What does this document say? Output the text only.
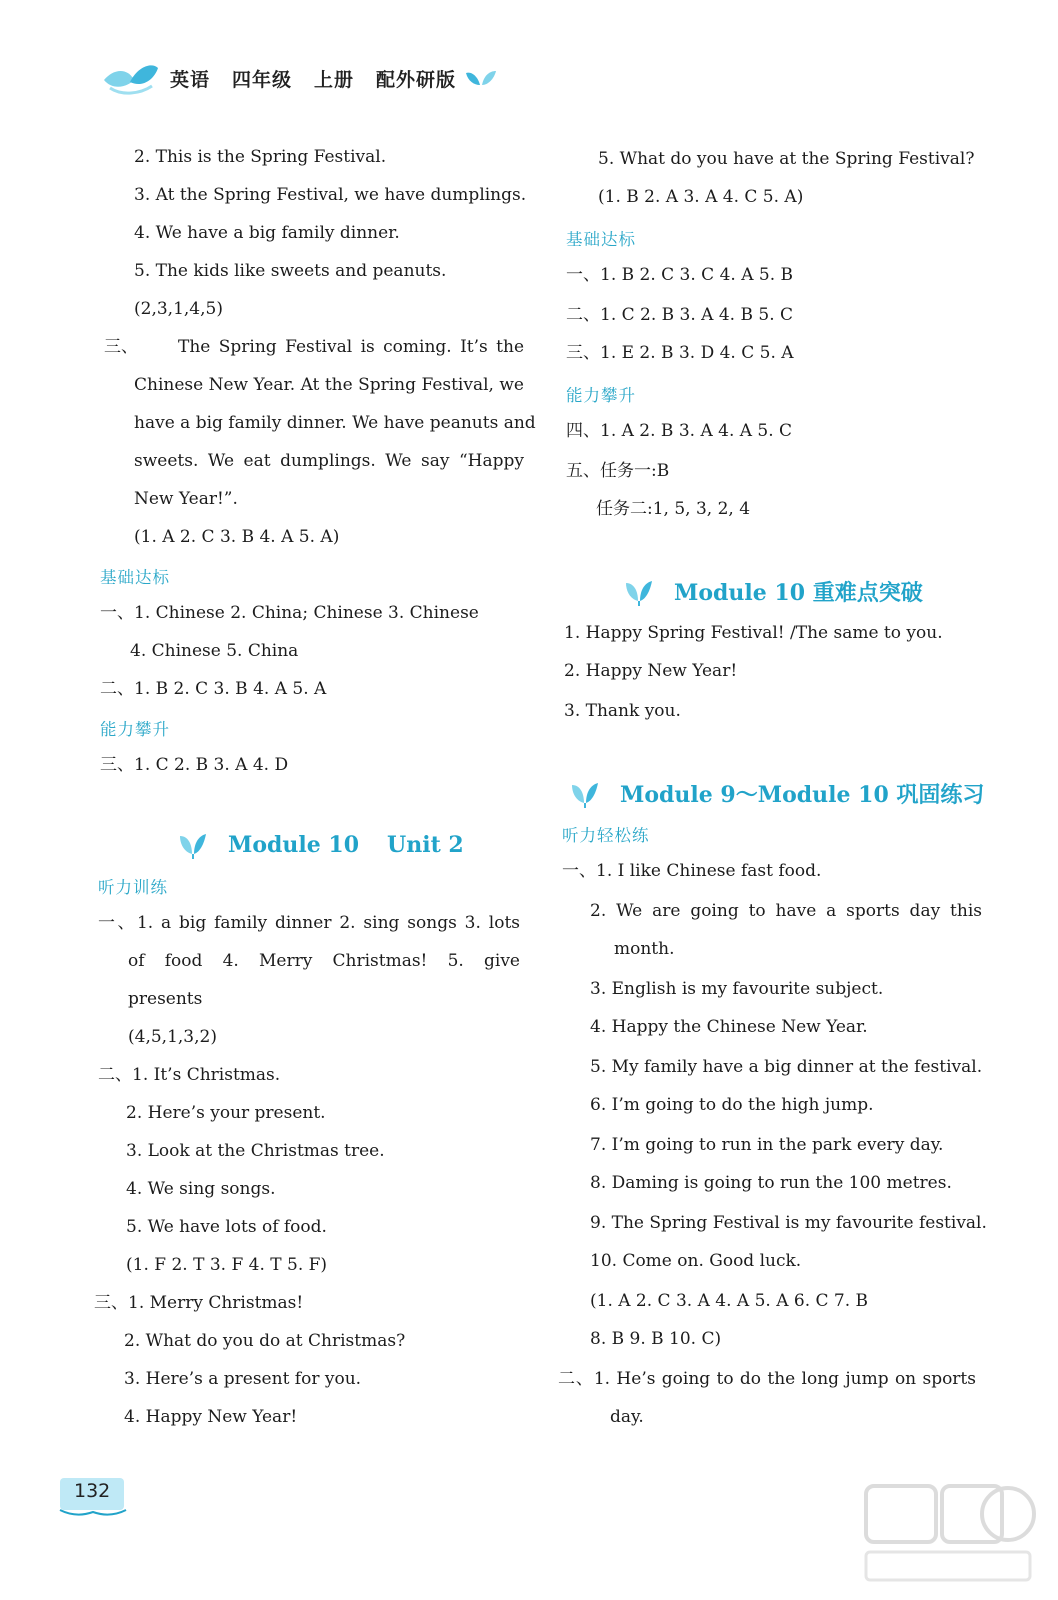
英语 四年级 上册 配外研版
2. This is the Spring Festival.
3. At the Spring Festival, we have dumplings.
4. We have a big family dinner.
5. The kids like sweets and peanuts.
(2,3,1,4,5)
三、 The Spring Festival is coming. It’s the
Chinese New Year. At the Spring Festival, we
have a big family dinner. We have peanuts and
sweets. We eat dumplings. We say “Happy
New Year!”.
(1. A 2. C 3. B 4. A 5. A)
基础达标
一、1. Chinese 2. China; Chinese 3. Chinese
4. Chinese 5. China
二、1. B 2. C 3. B 4. A 5. A
能力攀升
三、1. C 2. B 3. A 4. D
Module 10 Unit 2
听力训练
一、1. a big family dinner 2. sing songs 3. lots
of food 4. Merry Christmas! 5. give
presents
(4,5,1,3,2)
二、1. It’s Christmas.
2. Here’s your present.
3. Look at the Christmas tree.
4. We sing songs.
5. We have lots of food.
(1. F 2. T 3. F 4. T 5. F)
三、1. Merry Christmas!
2. What do you do at Christmas?
3. Here’s a present for you.
4. Happy New Year!
5. What do you have at the Spring Festival?
(1. B 2. A 3. A 4. C 5. A)
基础达标
一、1. B 2. C 3. C 4. A 5. B
二、1. C 2. B 3. A 4. B 5. C
三、1. E 2. B 3. D 4. C 5. A
能力攀升
四、1. A 2. B 3. A 4. A 5. C
五、任务一:B
任务二:1, 5, 3, 2, 4
Module 10 重难点突破
1. Happy Spring Festival! /The same to you.
2. Happy New Year!
3. Thank you.
Module 9～Module 10 巩固练习
听力轻松练
一、1. I like Chinese fast food.
2. We are going to have a sports day this
month.
3. English is my favourite subject.
4. Happy the Chinese New Year.
5. My family have a big dinner at the festival.
6. I’m going to do the high jump.
7. I’m going to run in the park every day.
8. Daming is going to run the 100 metres.
9. The Spring Festival is my favourite festival.
10. Come on. Good luck.
(1. A 2. C 3. A 4. A 5. A 6. C 7. B
8. B 9. B 10. C)
二、1. He’s going to do the long jump on sports
day.
132
